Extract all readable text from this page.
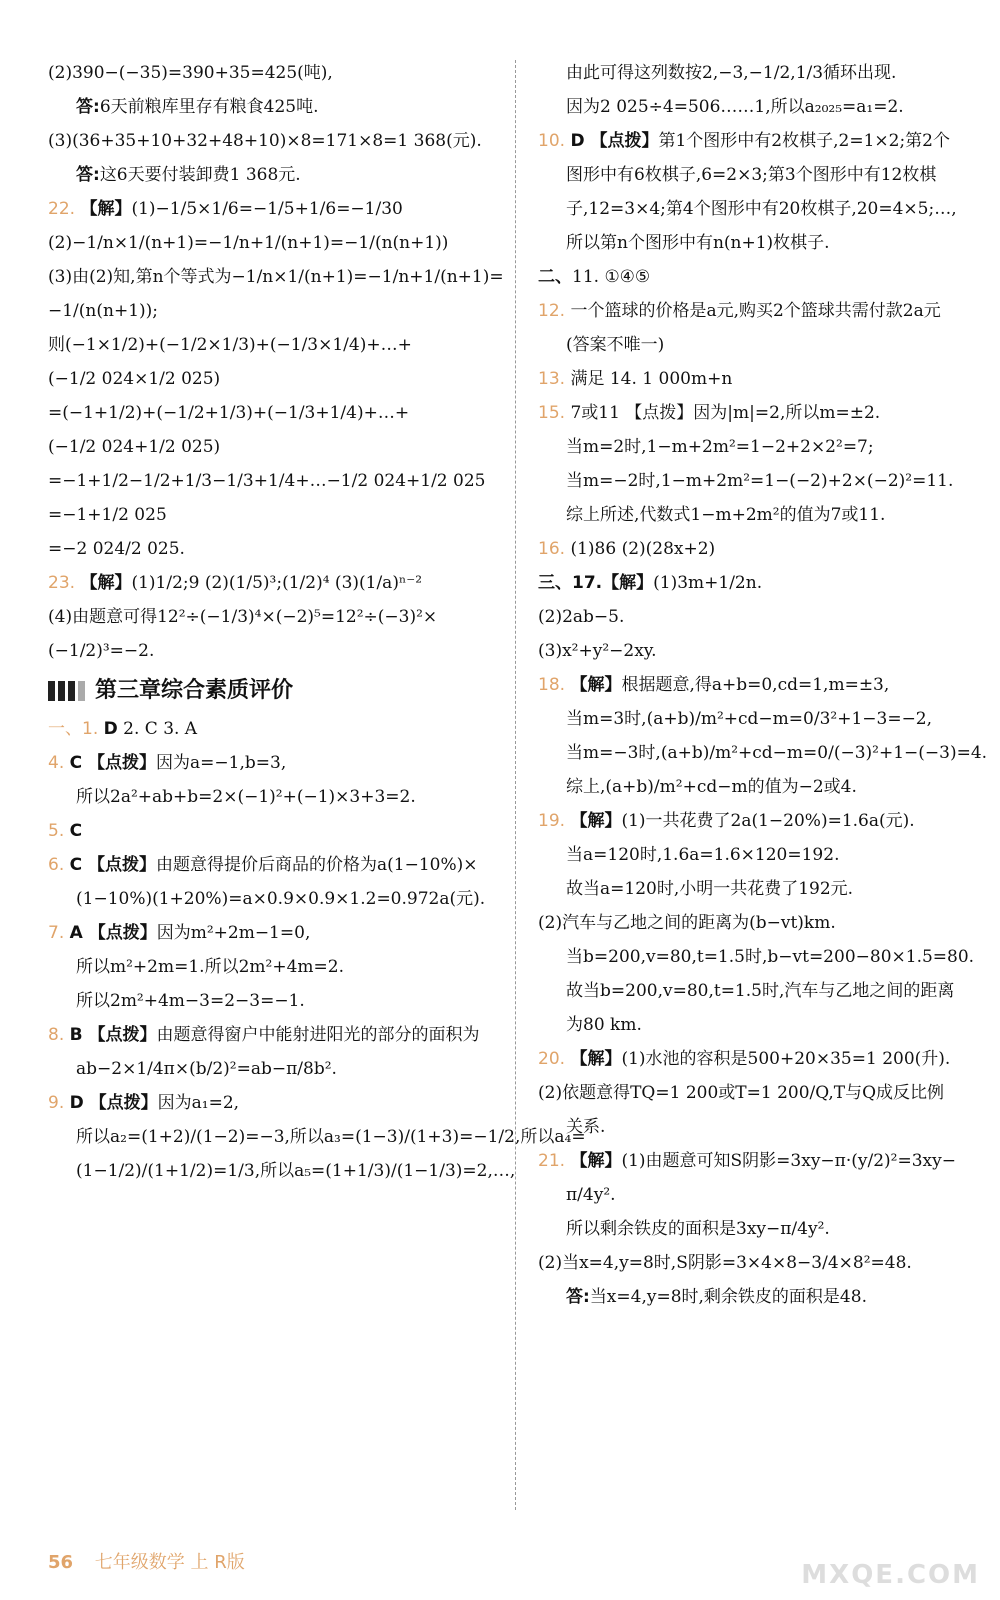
(2)390−(−35)=390+35=425(吨),
答:6天前粮库里存有粮食425吨.
(3)(36+35+10+32+48+10)×8=171×8=1 368(元).
答:这6天要付装卸费1 368元.
22. 【解】(1)−1/5×1/6=−1/5+1/6=−1/30
(2)−1/n×1/(n+1)=−1/n+1/(n+1)=−1/(n(n+1))
(3)由(2)知,第n个等式为−1/n×1/(n+1)=−1/n+1/(n+1)=
−1/(n(n+1));
则(−1×1/2)+(−1/2×1/3)+(−1/3×1/4)+…+
(−1/2 024×1/2 025)
=(−1+1/2)+(−1/2+1/3)+(−1/3+1/4)+…+
(−1/2 024+1/2 025)
=−1+1/2−1/2+1/3−1/3+1/4+…−1/2 024+1/2 025
=−1+1/2 025
=−2 024/2 025.
23. 【解】(1)1/2;9 (2)(1/5)³;(1/2)⁴ (3)(1/a)ⁿ⁻²
(4)由题意可得12²÷(−1/3)⁴×(−2)⁵=12²÷(−3)²×
(−1/2)³=−2.
第三章综合素质评价
一、1. D 2. C 3. A
4. C 【点拨】因为a=−1,b=3,
所以2a²+ab+b=2×(−1)²+(−1)×3+3=2.
5. C
6. C 【点拨】由题意得提价后商品的价格为a(1−10%)×
(1−10%)(1+20%)=a×0.9×0.9×1.2=0.972a(元).
7. A 【点拨】因为m²+2m−1=0,
所以m²+2m=1.所以2m²+4m=2.
所以2m²+4m−3=2−3=−1.
8. B 【点拨】由题意得窗户中能射进阳光的部分的面积为
ab−2×1/4π×(b/2)²=ab−π/8b².
9. D 【点拨】因为a₁=2,
所以a₂=(1+2)/(1−2)=−3,所以a₃=(1−3)/(1+3)=−1/2,所以a₄=
(1−1/2)/(1+1/2)=1/3,所以a₅=(1+1/3)/(1−1/3)=2,…,
由此可得这列数按2,−3,−1/2,1/3循环出现.
因为2 025÷4=506……1,所以a₂₀₂₅=a₁=2.
10. D 【点拨】第1个图形中有2枚棋子,2=1×2;第2个
图形中有6枚棋子,6=2×3;第3个图形中有12枚棋
子,12=3×4;第4个图形中有20枚棋子,20=4×5;…,
所以第n个图形中有n(n+1)枚棋子.
二、11. ①④⑤
12. 一个篮球的价格是a元,购买2个篮球共需付款2a元
(答案不唯一)
13. 满足 14. 1 000m+n
15. 7或11 【点拨】因为|m|=2,所以m=±2.
当m=2时,1−m+2m²=1−2+2×2²=7;
当m=−2时,1−m+2m²=1−(−2)+2×(−2)²=11.
综上所述,代数式1−m+2m²的值为7或11.
16. (1)86 (2)(28x+2)
三、17.【解】(1)3m+1/2n.
(2)2ab−5.
(3)x²+y²−2xy.
18. 【解】根据题意,得a+b=0,cd=1,m=±3,
当m=3时,(a+b)/m²+cd−m=0/3²+1−3=−2,
当m=−3时,(a+b)/m²+cd−m=0/(−3)²+1−(−3)=4.
综上,(a+b)/m²+cd−m的值为−2或4.
19. 【解】(1)一共花费了2a(1−20%)=1.6a(元).
当a=120时,1.6a=1.6×120=192.
故当a=120时,小明一共花费了192元.
(2)汽车与乙地之间的距离为(b−vt)km.
当b=200,v=80,t=1.5时,b−vt=200−80×1.5=80.
故当b=200,v=80,t=1.5时,汽车与乙地之间的距离
为80 km.
20. 【解】(1)水池的容积是500+20×35=1 200(升).
(2)依题意得TQ=1 200或T=1 200/Q,T与Q成反比例
关系.
21. 【解】(1)由题意可知S阴影=3xy−π·(y/2)²=3xy−
π/4y².
所以剩余铁皮的面积是3xy−π/4y².
(2)当x=4,y=8时,S阴影=3×4×8−3/4×8²=48.
答:当x=4,y=8时,剩余铁皮的面积是48.
56 七年级数学 上 R版	MXQE.COM
